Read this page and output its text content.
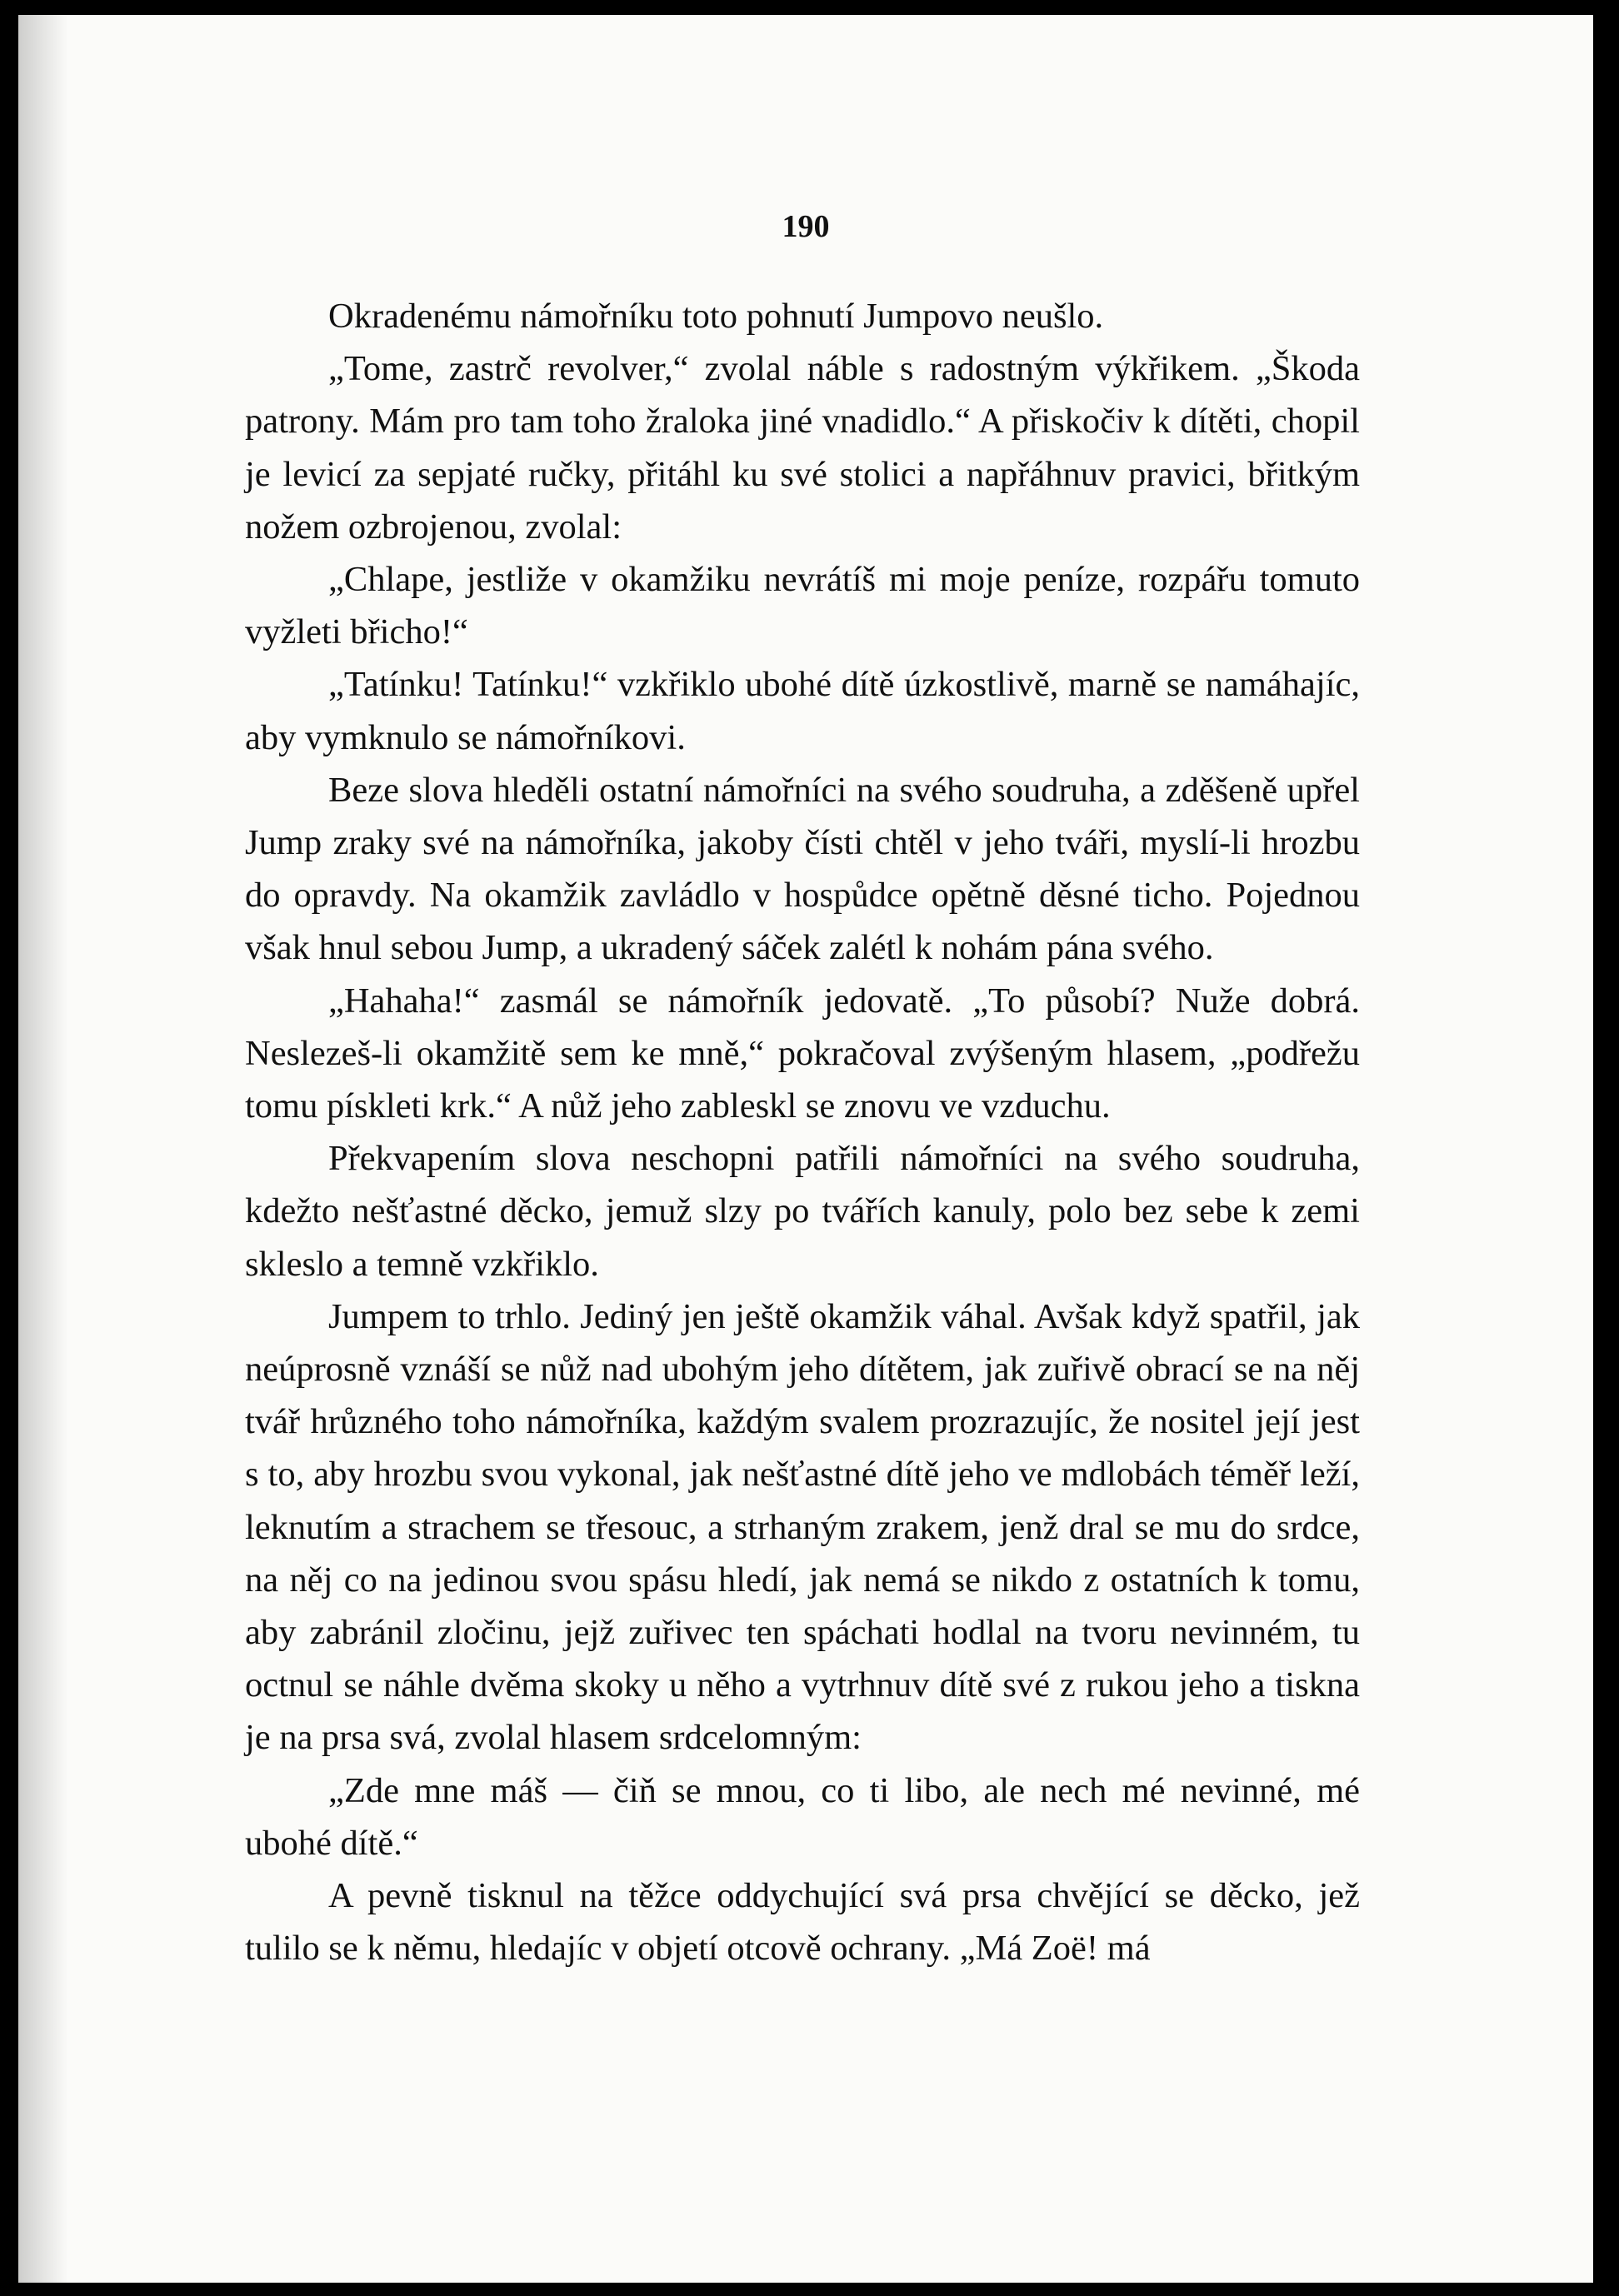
190

Okradenému námořníku toto pohnutí Jumpovo neušlo.

„Tome, zastrč revolver,“ zvolal náble s radostným výkřikem. „Škoda patrony. Mám pro tam toho žraloka jiné vnadidlo.“ A přiskočiv k dítěti, chopil je levicí za sepjaté ručky, přitáhl ku své stolici a napřáhnuv pravici, břitkým nožem ozbrojenou, zvolal:

„Chlape, jestliže v okamžiku nevrátíš mi moje peníze, rozpářu tomuto vyžleti břicho!“

„Tatínku! Tatínku!“ vzkřiklo ubohé dítě úzkostlivě, marně se namáhajíc, aby vymknulo se námořníkovi.

Beze slova hleděli ostatní námořníci na svého soudruha, a zděšeně upřel Jump zraky své na námořníka, jakoby čísti chtěl v jeho tváři, myslí-li hrozbu do opravdy. Na okamžik zavládlo v hospůdce opětně děsné ticho. Pojednou však hnul sebou Jump, a ukradený sáček zalétl k nohám pána svého.

„Hahaha!“ zasmál se námořník jedovatě. „To působí? Nuže dobrá. Neslezeš-li okamžitě sem ke mně,“ pokračoval zvýšeným hlasem, „podřežu tomu pískleti krk.“ A nůž jeho zableskl se znovu ve vzduchu.

Překvapením slova neschopni patřili námořníci na svého soudruha, kdežto nešťastné děcko, jemuž slzy po tvářích kanuly, polo bez sebe k zemi skleslo a temně vzkřiklo.

Jumpem to trhlo. Jediný jen ještě okamžik váhal. Avšak když spatřil, jak neúprosně vznáší se nůž nad ubohým jeho dítětem, jak zuřivě obrací se na něj tvář hrůzného toho námořníka, každým svalem prozrazujíc, že nositel její jest s to, aby hrozbu svou vykonal, jak nešťastné dítě jeho ve mdlobách téměř leží, leknutím a strachem se třesouc, a strhaným zrakem, jenž dral se mu do srdce, na něj co na jedinou svou spásu hledí, jak nemá se nikdo z ostatních k tomu, aby zabránil zločinu, jejž zuřivec ten spáchati hodlal na tvoru nevinném, tu octnul se náhle dvěma skoky u něho a vytrhnuv dítě své z rukou jeho a tiskna je na prsa svá, zvolal hlasem srdcelomným:

„Zde mne máš — čiň se mnou, co ti libo, ale nech mé nevinné, mé ubohé dítě.“

A pevně tisknul na těžce oddychující svá prsa chvějící se děcko, jež tulilo se k němu, hledajíc v objetí otcově ochrany. „Má Zoë! má
